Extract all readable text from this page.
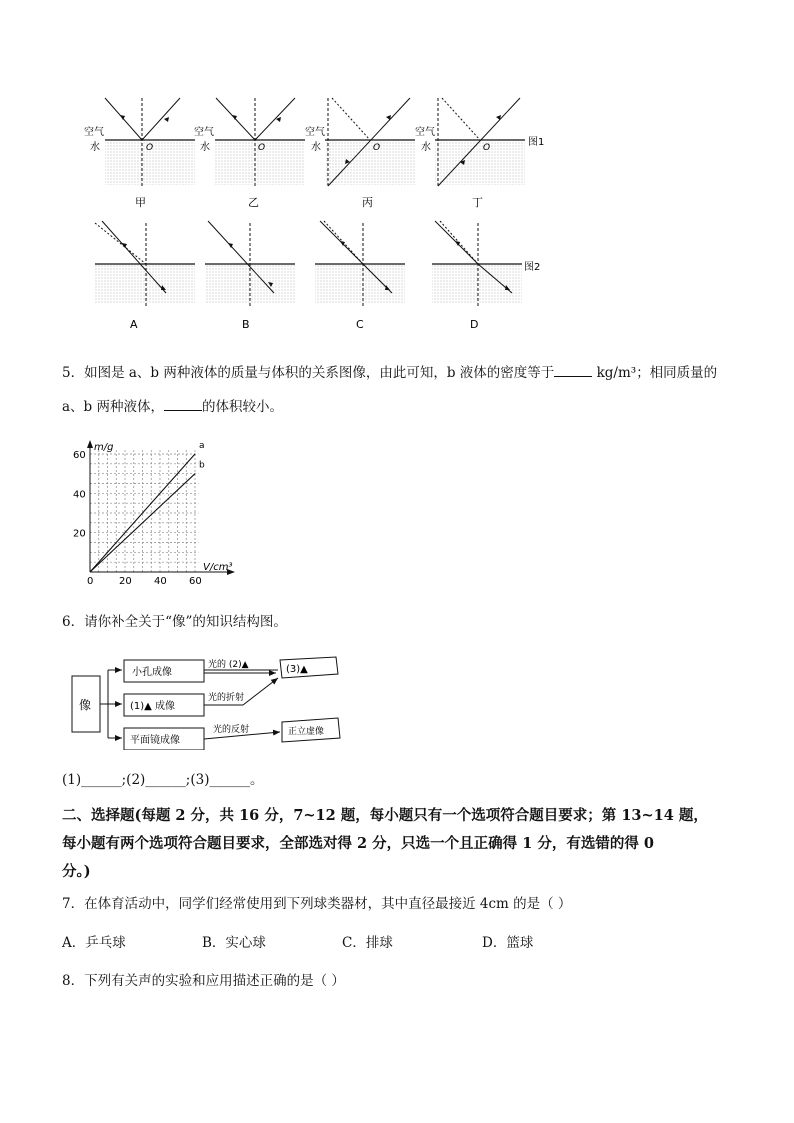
空气
水	O
甲
空气
水	O
乙
空气
水	O
丙
空气
水	O
丁
图1
A	B	C	D
图2
5．如图是 a、b 两种液体的质量与体积的关系图像，由此可知，b 液体的密度等于	kg/m³；相同质量的
a、b 两种液体，	的体积较小。
0	20 40 60
20
40
60
a
b
m/g
V/cm³
6．请你补全关于“像”的知识结构图。
像
小孔成像
(1)▲ 成像
平面镜成像
光的 (2)▲
光的折射
光的反射
(3)▲
正立虚像
(1)______;(2)______;(3)______。
二、选择题(每题 2 分，共 16 分，7~12 题，每小题只有一个选项符合题目要求；第 13~14 题，
每小题有两个选项符合题目要求，全部选对得 2 分，只选一个且正确得 1 分，有选错的得 0
分。)
7．在体育活动中，同学们经常使用到下列球类器材，其中直径最接近 4cm 的是（ ）
A．乒乓球	B．实心球	C．排球	D．篮球
8．下列有关声的实验和应用描述正确的是（ ）
